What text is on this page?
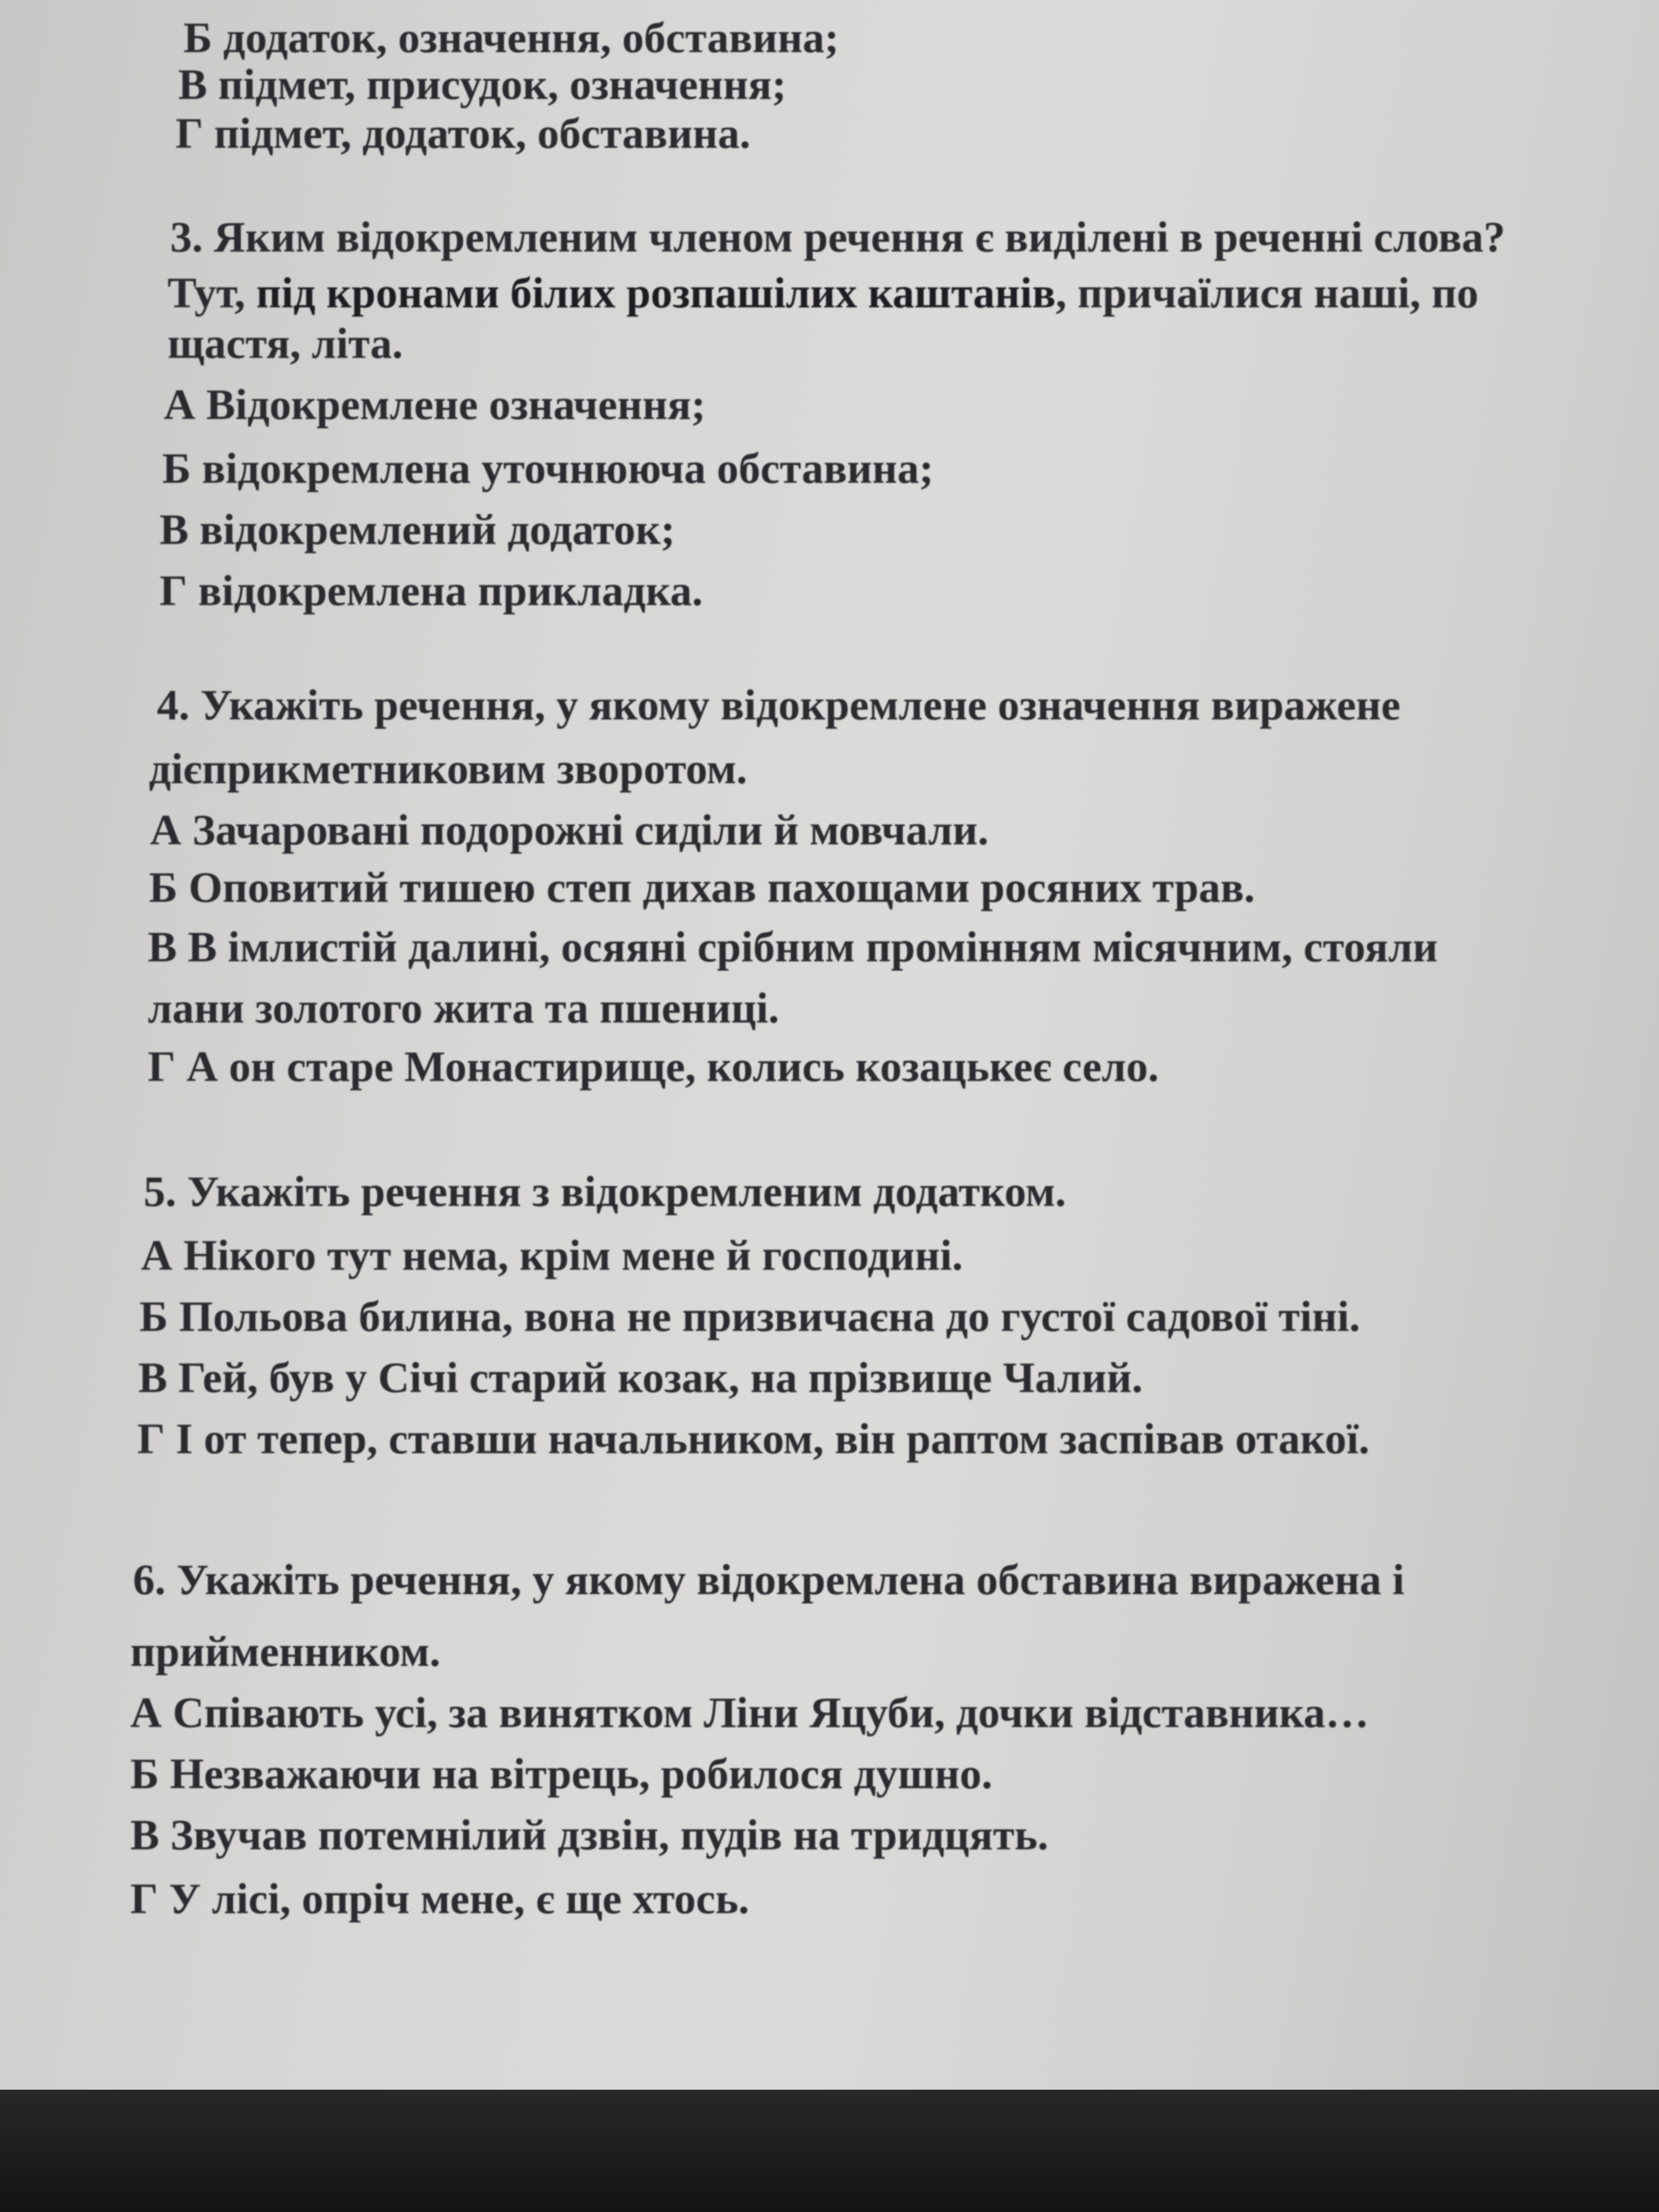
Б додаток, означення, обставина;
В підмет, присудок, означення;
Г підмет, додаток, обставина.
3. Яким відокремленим членом речення є виділені в реченні слова?
Тут, під кронами білих розпашілих каштанів, причаїлися наші, по
щастя, літа.
А Відокремлене означення;
Б відокремлена уточнююча обставина;
В відокремлений додаток;
Г відокремлена прикладка.
4. Укажіть речення, у якому відокремлене означення виражене
дієприкметниковим зворотом.
А Зачаровані подорожні сиділи й мовчали.
Б Оповитий тишею степ дихав пахощами росяних трав.
В В імлистій далині, осяяні срібним промінням місячним, стояли
лани золотого жита та пшениці.
Г А он старе Монастирище, колись козацькеє село.
5. Укажіть речення з відокремленим додатком.
А Нікого тут нема, крім мене й господині.
Б Польова билина, вона не призвичаєна до густої садової тіні.
В Гей, був у Січі старий козак, на прізвище Чалий.
Г І от тепер, ставши начальником, він раптом заспівав отакої.
6. Укажіть речення, у якому відокремлена обставина виражена і
прийменником.
А Співають усі, за винятком Ліни Яцуби, дочки відставника…
Б Незважаючи на вітрець, робилося душно.
В Звучав потемнілий дзвін, пудів на тридцять.
Г У лісі, опріч мене, є ще хтось.
